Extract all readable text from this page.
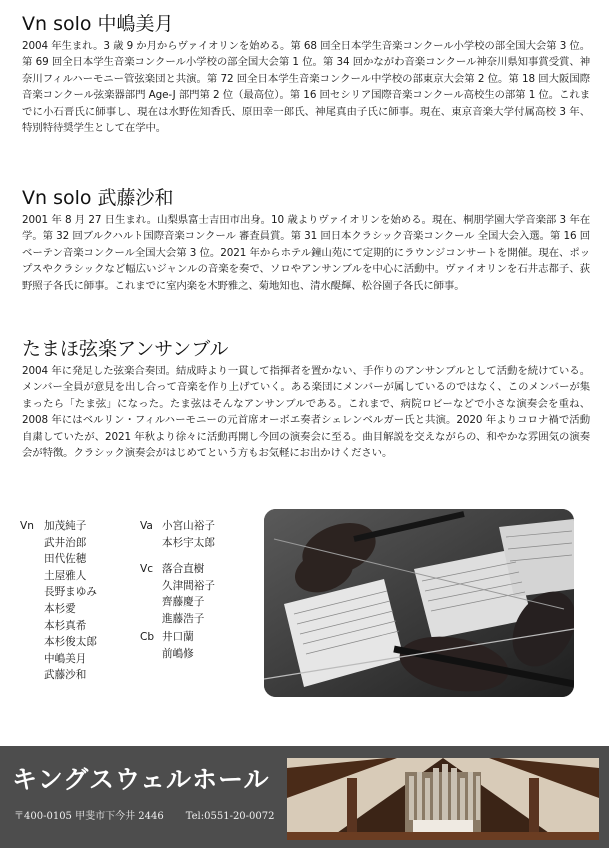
Vn solo 中嶋美月

2004 年生まれ。3 歳 9 か月からヴァイオリンを始める。第 68 回全日本学生音楽コンクール小学校の部全国大会第 3 位。第 69 回全日本学生音楽コンクール小学校の部全国大会第 1 位。第 34 回かながわ音楽コンクール神奈川県知事賞受賞、神奈川フィルハーモニー管弦楽団と共演。第 72 回全日本学生音楽コンクール中学校の部東京大会第 2 位。第 18 回大阪国際音楽コンクール弦楽器部門 Age-J 部門第 2 位（最高位）。第 16 回セシリア国際音楽コンクール高校生の部第 1 位。これまでに小石晋氏に師事し、現在は水野佐知香氏、原田幸一郎氏、神尾真由子氏に師事。現在、東京音楽大学付属高校 3 年、特別特待奨学生として在学中。

Vn solo 武藤沙和

2001 年 8 月 27 日生まれ。山梨県富士吉田市出身。10 歳よりヴァイオリンを始める。現在、桐朋学園大学音楽部 3 年在学。第 32 回ブルクハルト国際音楽コンクール 審査員賞。第 31 回日本クラシック音楽コンクール 全国大会入選。第 16 回ベーテン音楽コンクール全国大会第 3 位。2021 年からホテル鐘山苑にて定期的にラウンジコンサートを開催。現在、ポップスやクラシックなど幅広いジャンルの音楽を奏で、ソロやアンサンブルを中心に活動中。ヴァイオリンを石井志都子、荻野照子各氏に師事。これまでに室内楽を木野雅之、菊地知也、清水醍輝、松谷園子各氏に師事。

たまほ弦楽アンサンブル

2004 年に発足した弦楽合奏団。結成時より一貫して指揮者を置かない、手作りのアンサンブルとして活動を続けている。メンバー全員が意見を出し合って音楽を作り上げていく。ある楽団にメンバーが属しているのではなく、このメンバーが集まったら「たま弦」になった。たま弦はそんなアンサンブルである。これまで、病院ロビーなどで小さな演奏会を重ね、2008 年にはベルリン・フィルハーモニーの元首席オーボエ奏者シェレンベルガー氏と共演。2020 年よりコロナ禍で活動自粛していたが、2021 年秋より徐々に活動再開し今回の演奏会に至る。曲目解説を交えながらの、和やかな雰囲気の演奏会が特徴。クラシック演奏会がはじめてという方もお気軽にお出かけください。

Vn 加茂純子
武井治郎
田代佐穂
土屋雅人
長野まゆみ
本杉愛
本杉真希
本杉俊太郎
中嶋美月
武藤沙和
Va 小宮山裕子
本杉宇太郎
Vc 落合直樹
久津間裕子
齊藤慶子
進藤浩子
Cb 井口蘭
前嶋修
キングスウェルホール
〒400-0105 甲斐市下今井 2446 Tel:0551-20-0072
